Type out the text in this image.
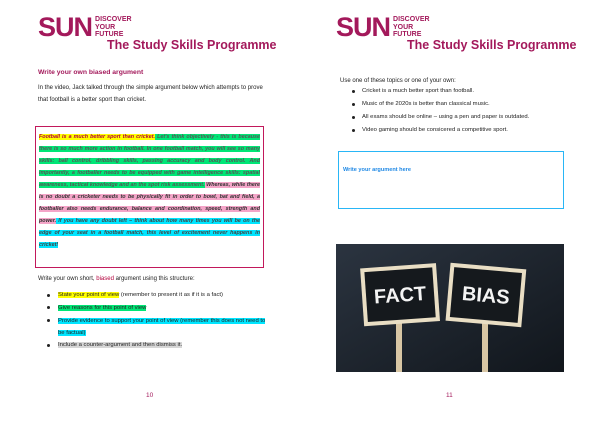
SUN DISCOVER
YOUR
FUTURE
The Study Skills Programme
Write your own biased argument
In the video, Jack talked through the simple argument below which attempts to prove that football is a better sport than cricket.
Football is a much better sport than cricket. Let's think objectively - this is because there is so much more action in football. In one football match, you will see so many skills: ball control, dribbling skills, passing accuracy and body control. And importantly, a footballer needs to be equipped with game intelligence skills: spatial awareness, tactical knowledge and an the spot risk assessment. Whereas, while there is no doubt a cricketer needs to be physically fit in order to bowl, bat and field, a footballer also needs endurance, balance and coordination, speed, strength and power. If you have any doubt left – think about how many times you will be on the edge of your seat in a football match, this level of excitement never happens in cricket!
Write your own short, biased argument using this structure:
State your point of view (remember to present it as if it is a fact)
Give reasons for this point of view
Provide evidence to support your point of view (remember this does not need to be factual)
Include a counter-argument and then dismiss it.
10
SUN DISCOVER
YOUR
FUTURE
The Study Skills Programme
11
Use one of these topics or one of your own:
Cricket is a much better sport than football.
Music of the 2020s is better than classical music.
All exams should be online – using a pen and paper is outdated.
Video gaming should be consicered a competitive sport.
Write your argument here
FACT BIAS
